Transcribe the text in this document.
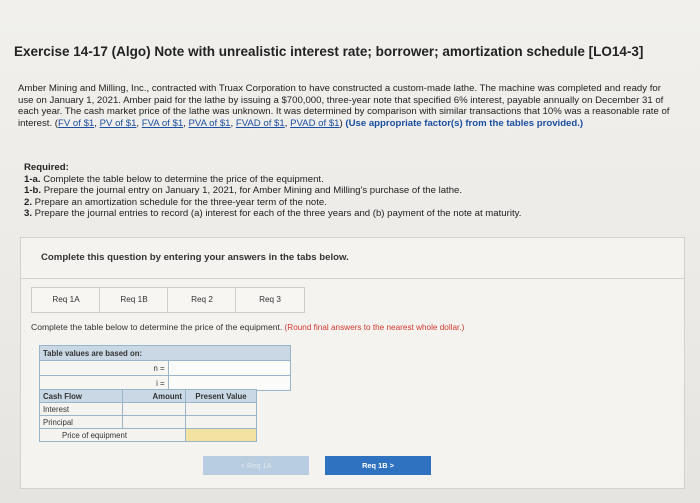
Exercise 14-17 (Algo) Note with unrealistic interest rate; borrower; amortization schedule [LO14-3]
Amber Mining and Milling, Inc., contracted with Truax Corporation to have constructed a custom-made lathe. The machine was completed and ready for use on January 1, 2021. Amber paid for the lathe by issuing a $700,000, three-year note that specified 6% interest, payable annually on December 31 of each year. The cash market price of the lathe was unknown. It was determined by comparison with similar transactions that 10% was a reasonable rate of interest. (FV of $1, PV of $1, FVA of $1, PVA of $1, FVAD of $1, PVAD of $1) (Use appropriate factor(s) from the tables provided.)
Required:
1-a. Complete the table below to determine the price of the equipment.
1-b. Prepare the journal entry on January 1, 2021, for Amber Mining and Milling's purchase of the lathe.
2. Prepare an amortization schedule for the three-year term of the note.
3. Prepare the journal entries to record (a) interest for each of the three years and (b) payment of the note at maturity.
Complete this question by entering your answers in the tabs below.
Req 1A	Req 1B	Req 2	Req 3
Complete the table below to determine the price of the equipment. (Round final answers to the nearest whole dollar.)
Table values are based on:	
n =	
i =	
Cash Flow	Amount	Present Value
Interest		
Principal		
Price of equipment		
< Req 1A	Req 1B >
